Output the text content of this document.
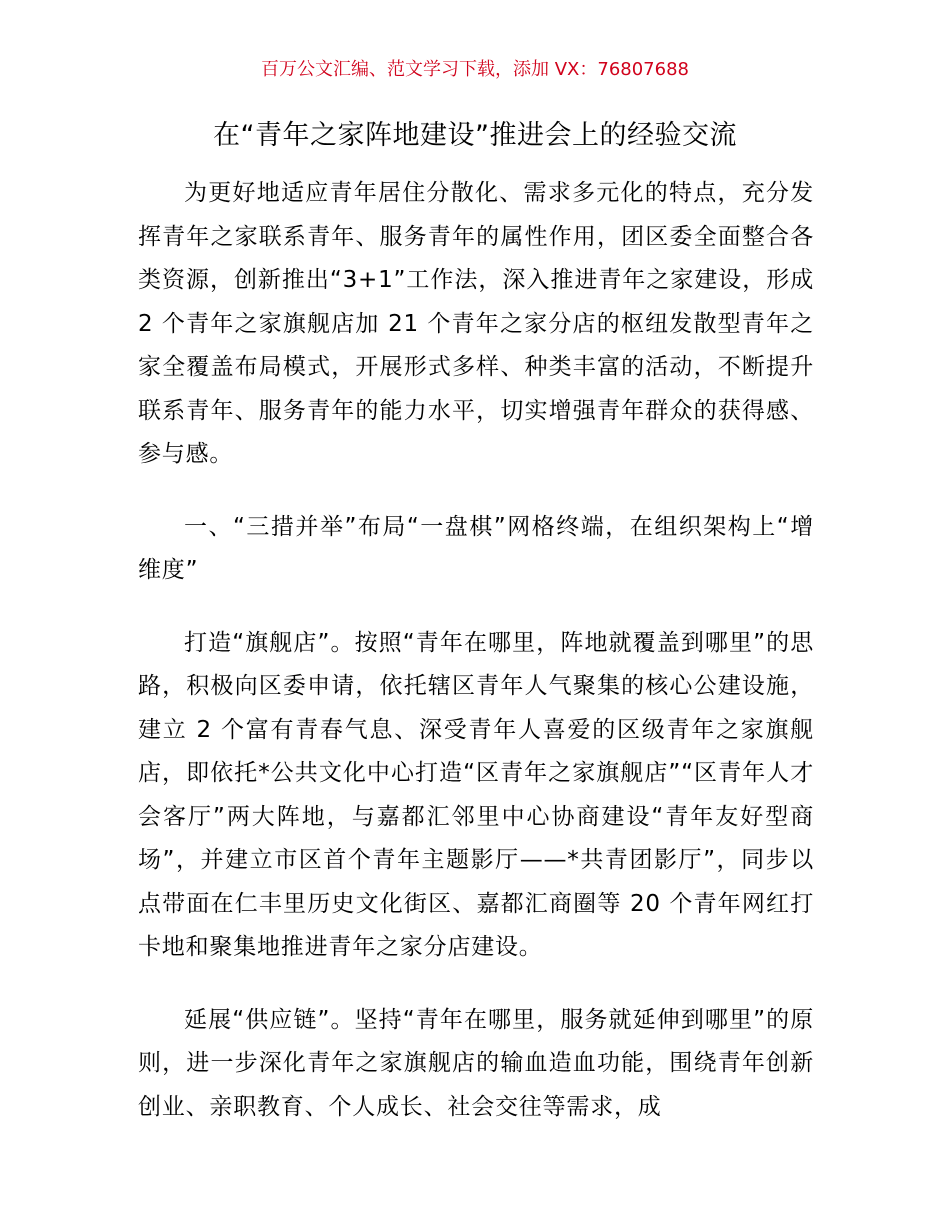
百万公文汇编、范文学习下载，添加 VX：76807688
在“青年之家阵地建设”推进会上的经验交流

为更好地适应青年居住分散化、需求多元化的特点，充分发挥青年之家联系青年、服务青年的属性作用，团区委全面整合各类资源，创新推出“3+1”工作法，深入推进青年之家建设，形成 2 个青年之家旗舰店加 21 个青年之家分店的枢纽发散型青年之家全覆盖布局模式，开展形式多样、种类丰富的活动，不断提升联系青年、服务青年的能力水平，切实增强青年群众的获得感、参与感。

一、“三措并举”布局“一盘棋”网格终端，在组织架构上“增维度”

打造“旗舰店”。按照“青年在哪里，阵地就覆盖到哪里”的思路，积极向区委申请，依托辖区青年人气聚集的核心公建设施，建立 2 个富有青春气息、深受青年人喜爱的区级青年之家旗舰店，即依托*公共文化中心打造“区青年之家旗舰店”“区青年人才会客厅”两大阵地，与嘉都汇邻里中心协商建设“青年友好型商场”，并建立市区首个青年主题影厅——*共青团影厅”，同步以点带面在仁丰里历史文化街区、嘉都汇商圈等 20 个青年网红打卡地和聚集地推进青年之家分店建设。

延展“供应链”。坚持“青年在哪里，服务就延伸到哪里”的原则，进一步深化青年之家旗舰店的输血造血功能，围绕青年创新创业、亲职教育、个人成长、社会交往等需求，成
